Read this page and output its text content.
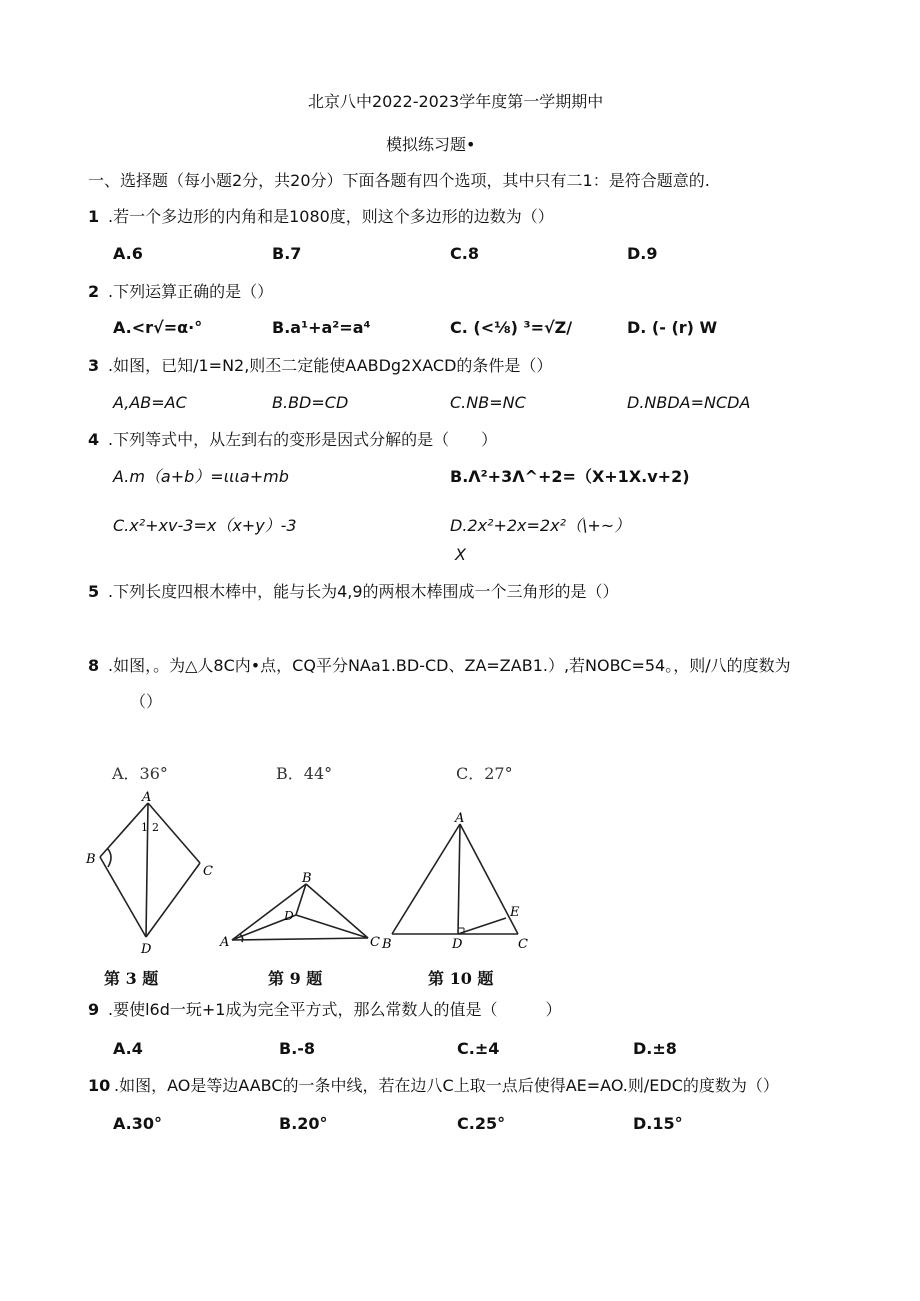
北京八中2022-2023学年度第一学期期中
模拟练习题•
一、选择题（每小题2分，共20分）下面各题有四个选项，其中只有二1：是符合题意的.
1 .若一个多边形的内角和是1080度，则这个多边形的边数为（）
A.6	B.7	C.8	D.9
2 .下列运算正确的是（）
A.<r√=α·°	B.a¹+a²=a⁴	C. (<⅛) ³=√Z/	D. (- (r) W
3 .如图，已知/1=N2,则丕二定能使AABDg2XACD的条件是（）
A,AB=AC	B.BD=CD	C.NB=NC	D.NBDA=NCDA
4 .下列等式中，从左到右的变形是因式分解的是（　　）
A.m（a+b）=ιιιa+mb	B.Λ²+3Λ^+2=（X+1X.v+2)
C.x²+xv-3=x（x+y）-3	D.2x²+2x=2x²（\+~）
X
5 .下列长度四根木棒中，能与长为4,9的两根木棒围成一个三角形的是（）
8 .如图，。为△人8C内•点，CQ平分NAa1.BD-CD、ZA=ZAB1.）,若NOBC=54。，则/八的度数为
（）
A．36°	B．44°	C．27°
A
B
C
D
1 2
第 3 题
B
A	C
D
第 9 题
A
B	C
D
E
第 10 题
9 .要使l6d一玩+1成为完全平方式，那么常数人的值是（　　　）
A.4	B.-8	C.±4	D.±8
10 .如图，AO是等边AABC的一条中线，若在边八C上取一点后使得AE=AO.则/EDC的度数为（）
A.30°	B.20°	C.25°	D.15°
